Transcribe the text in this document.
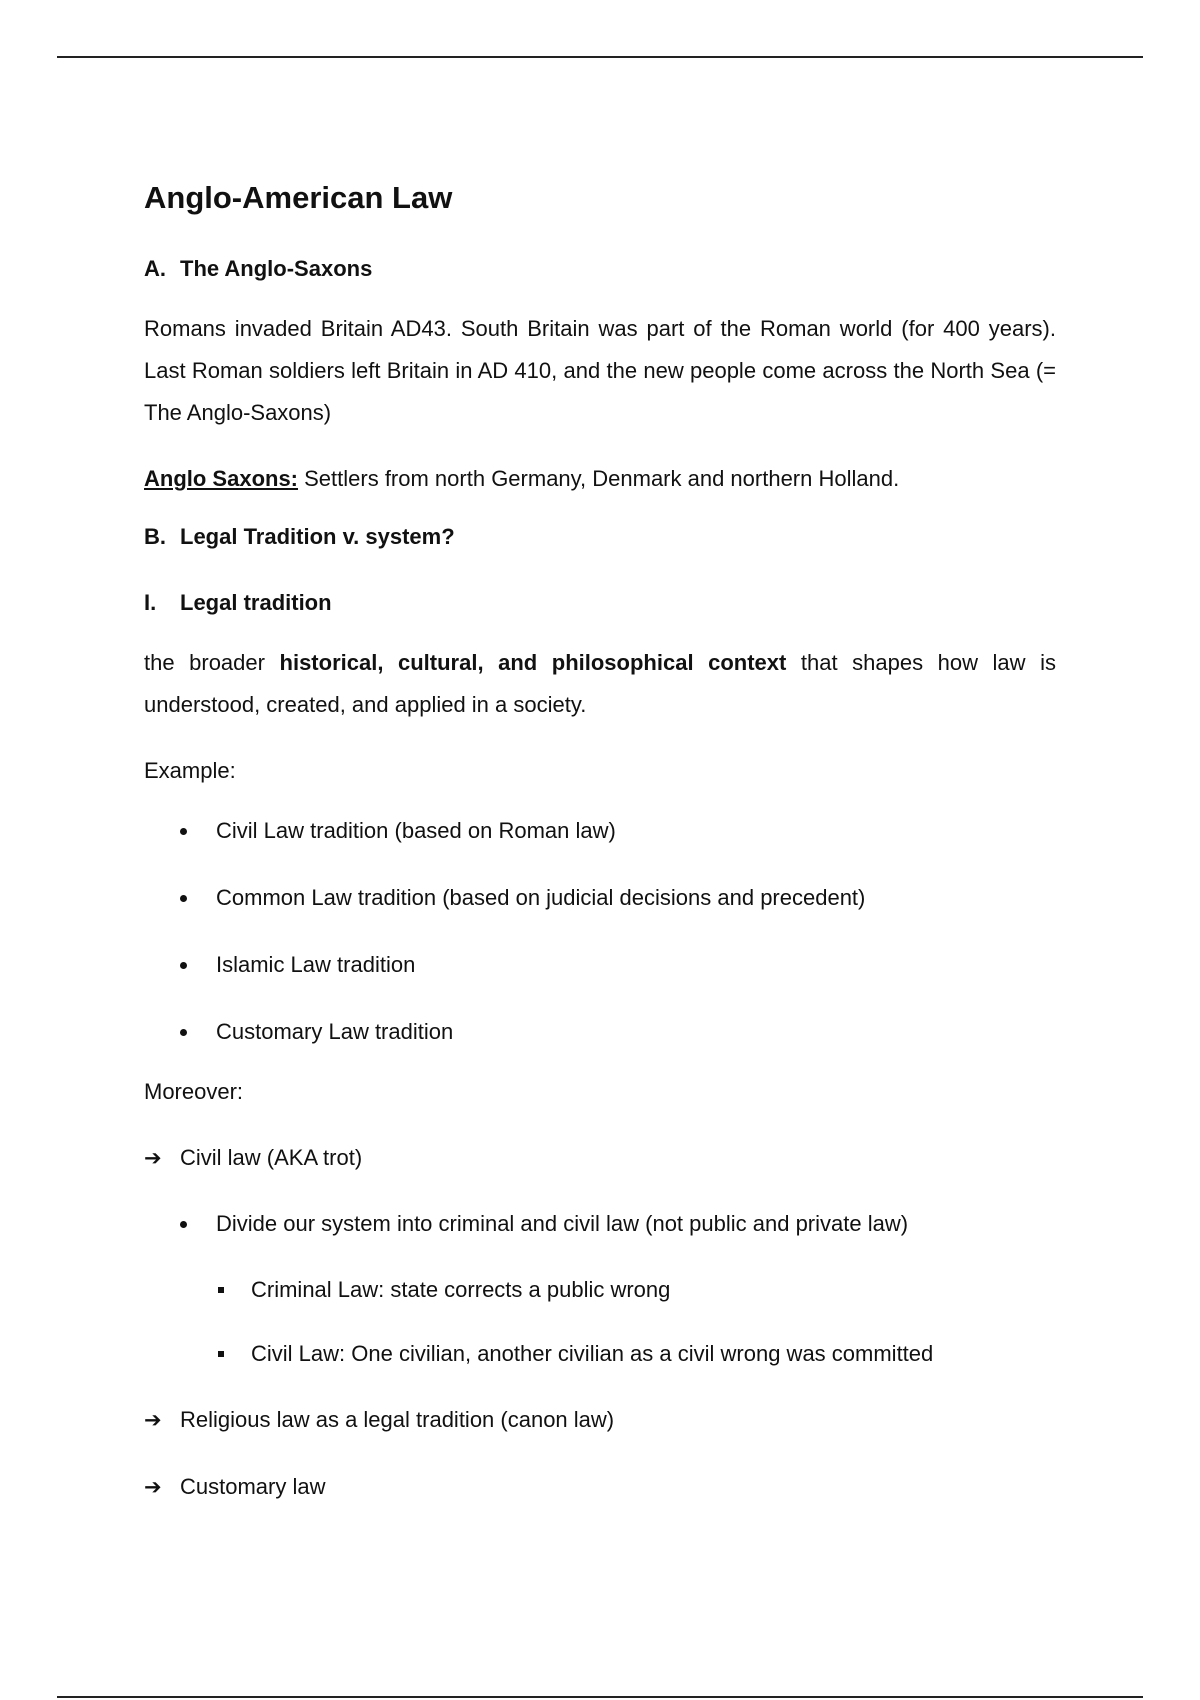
Anglo-American Law
A. The Anglo-Saxons

Romans invaded Britain AD43. South Britain was part of the Roman world (for 400 years). Last Roman soldiers left Britain in AD 410, and the new people come across the North Sea (= The Anglo-Saxons)

Anglo Saxons: Settlers from north Germany, Denmark and northern Holland.

B. Legal Tradition v. system?
I.	Legal tradition

the broader historical, cultural, and philosophical context that shapes how law is understood, created, and applied in a society.

Example:

Civil Law tradition (based on Roman law)

Common Law tradition (based on judicial decisions and precedent)

Islamic Law tradition

Customary Law tradition

Moreover:

➔ Civil law (AKA trot)

Divide our system into criminal and civil law (not public and private law)

Criminal Law: state corrects a public wrong

Civil Law: One civilian, another civilian as a civil wrong was committed

➔ Religious law as a legal tradition (canon law)

➔ Customary law
